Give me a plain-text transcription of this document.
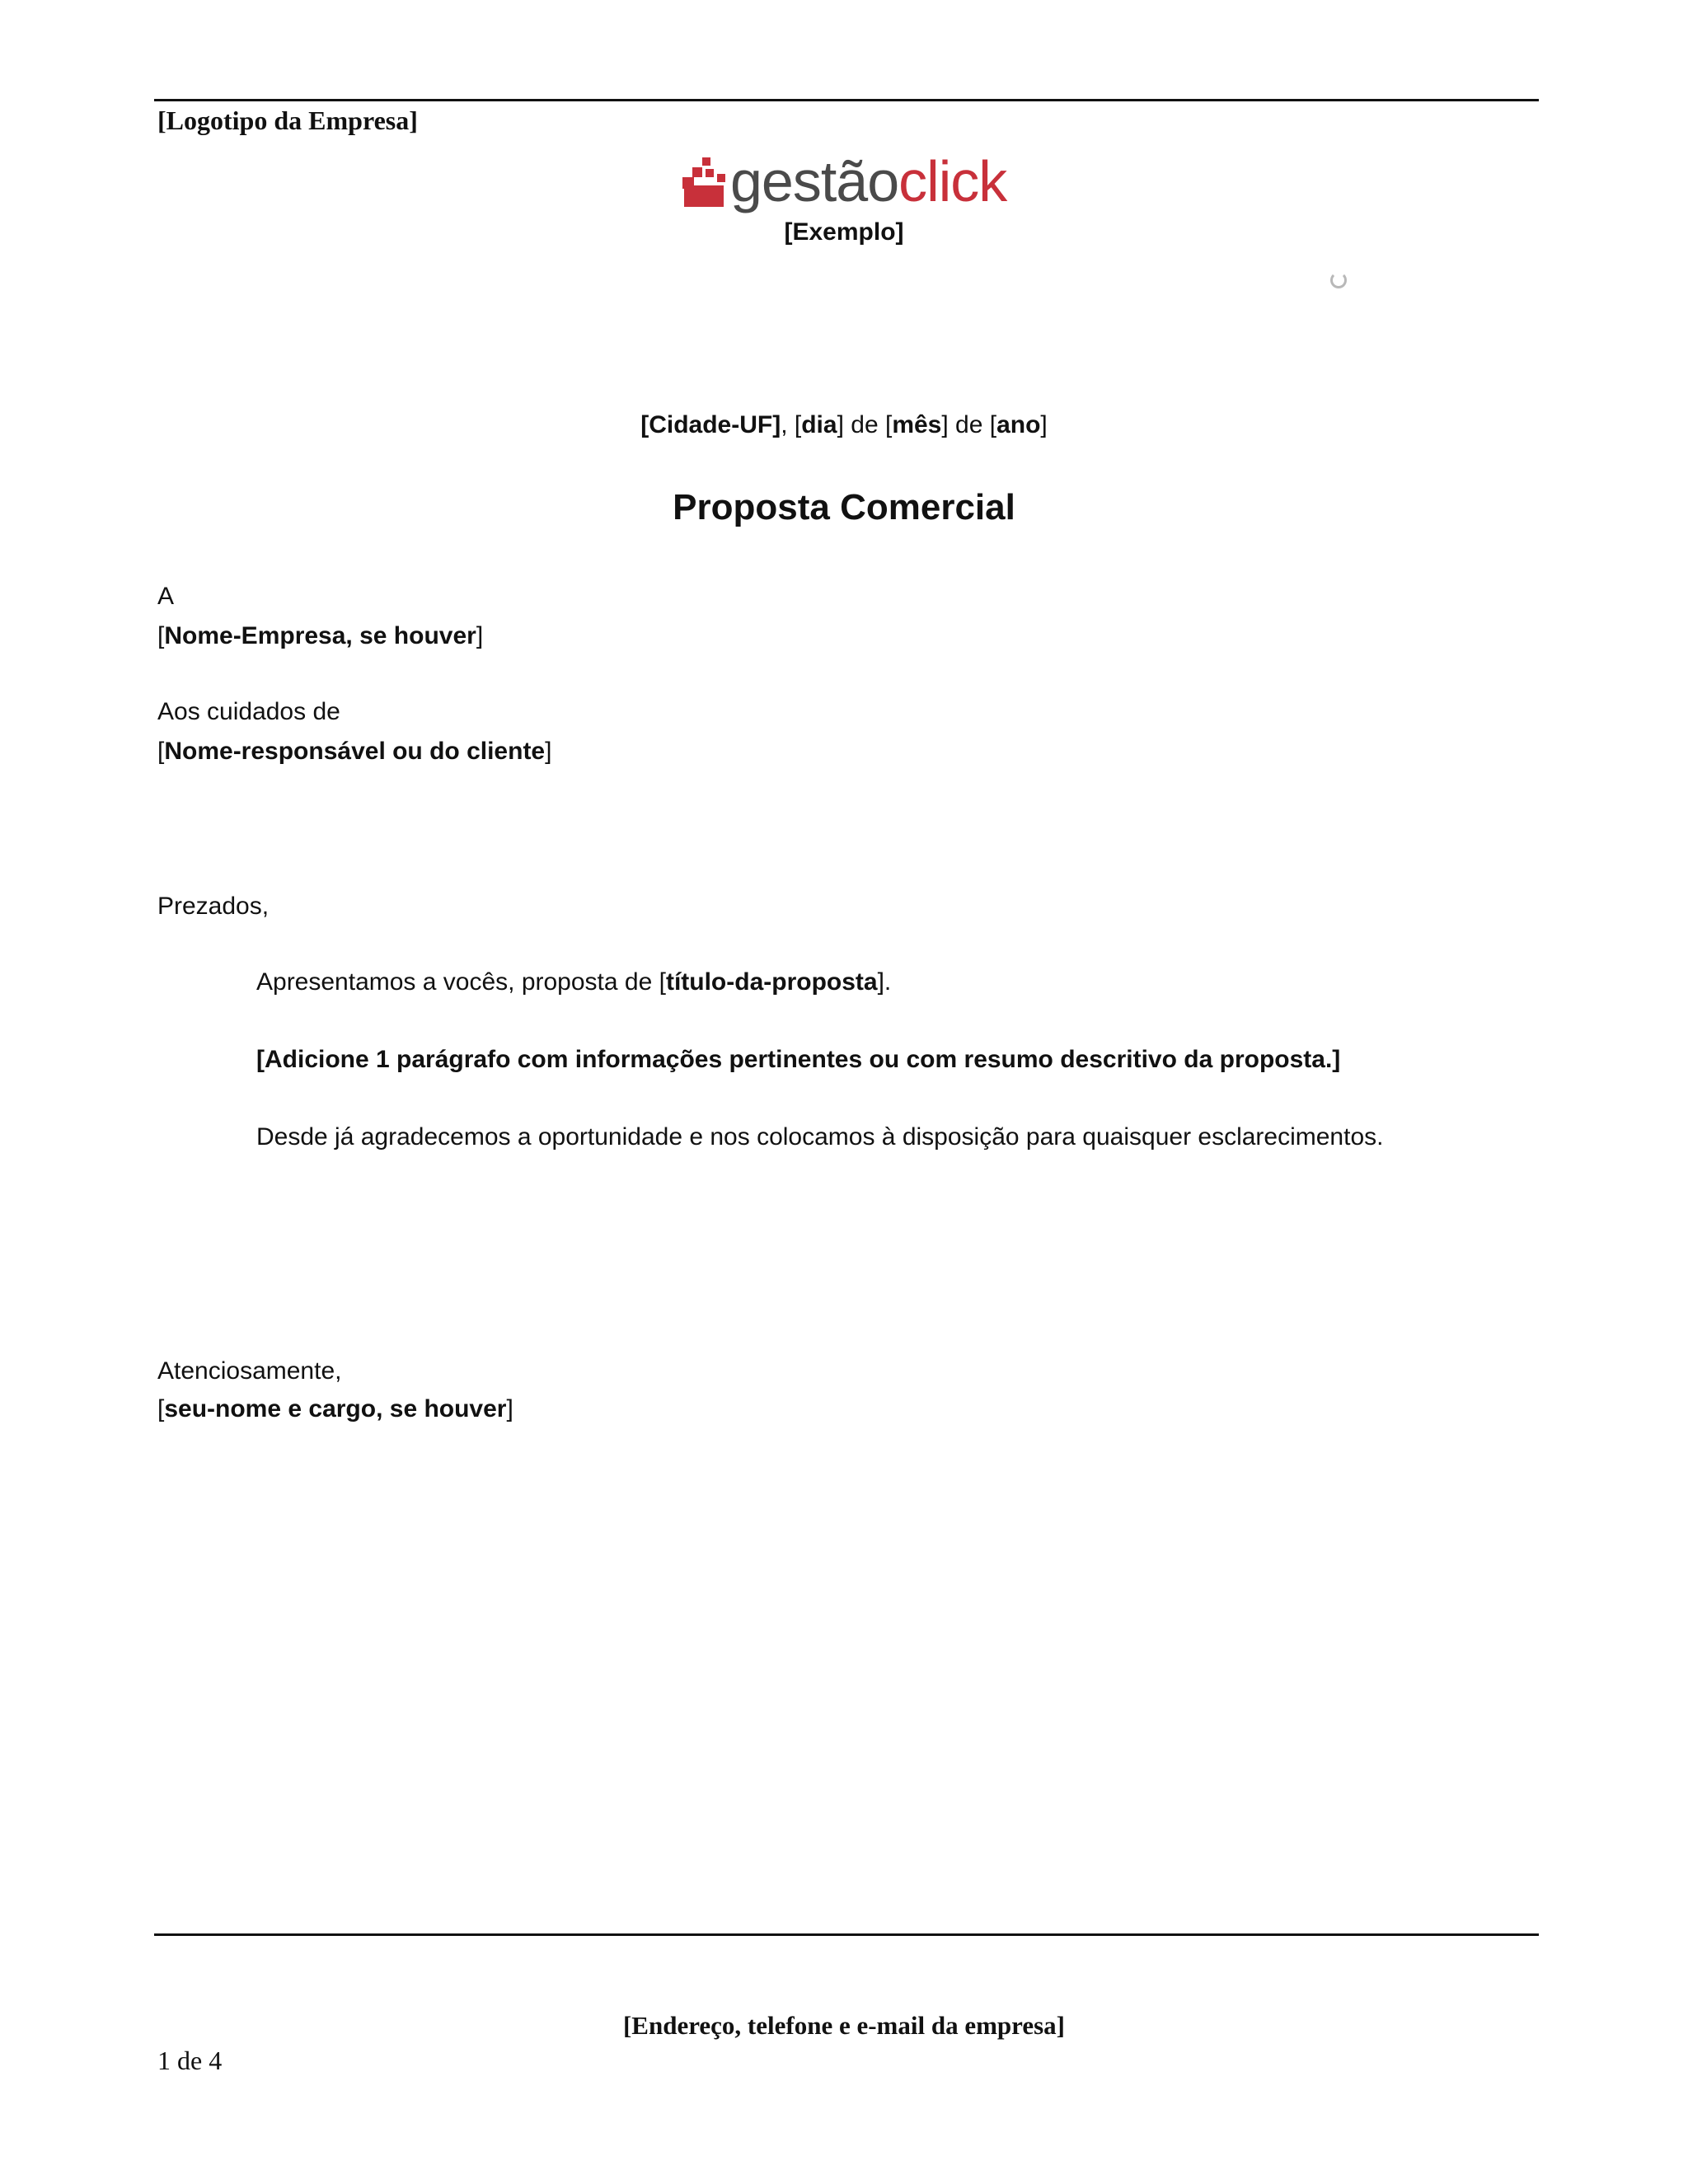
[Logotipo da Empresa]
gestãoclick
[Exemplo]
[Cidade-UF], [dia] de [mês] de [ano]
Proposta Comercial
A
[Nome-Empresa, se houver]
Aos cuidados de
[Nome-responsável ou do cliente]
Prezados,
Apresentamos a vocês, proposta de [título-da-proposta].
[Adicione 1 parágrafo com informações pertinentes ou com resumo descritivo da proposta.]
Desde já agradecemos a oportunidade e nos colocamos à disposição para quaisquer esclarecimentos.
Atenciosamente,
[seu-nome e cargo, se houver]
[Endereço, telefone e e-mail da empresa]
1 de 4
